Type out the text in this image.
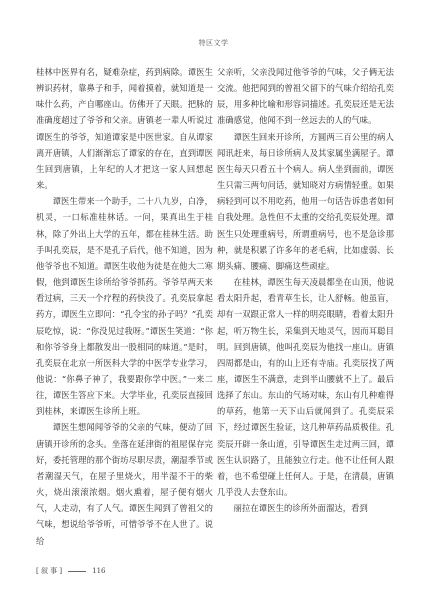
特区文学

桂林中医界有名，疑难杂症，药到病除。谭医生辨识药材，靠鼻子和手，闻着摸着，就知道是一味什么药，产自哪座山。仿佛开了天眼。把脉的准确度超过了爷爷和父亲。唐镇老一辈人听说过谭医生的爷爷，知道谭家是中医世家。自从谭家离开唐镇，人们渐渐忘了谭家的存在，直到谭医生回到唐镇，上年纪的人才把这一家人回想起来。

谭医生带来一个助手，二十八九岁，白净，机灵，一口标准桂林话。一问，果真出生于桂林，除了外出上大学的五年，都在桂林生活。助手叫孔奕辰，是不是孔子后代，他不知道，因为他爷爷也不知道。谭医生收他为徒是在他大二寒假，他到谭医生诊所给爷爷抓药。爷爷早两天来看过病，三天一个疗程的药快没了。孔奕辰拿起药方，谭医生立即问：“孔令宝的孙子吗？”孔奕辰吃惊，说：“你没见过我呀。”谭医生笑道：“你和你爷爷身上都散发出一股相同的味道。”是时，孔奕辰在北京一所医科大学的中医学专业学习，他说：“你鼻子神了，我要跟你学中医。”一来二往，谭医生答应下来。大学毕业，孔奕辰直接回到桂林，来谭医生诊所上班。

谭医生想闻闻爷爷的父亲的气味，便动了回唐镇开诊所的念头。坐落在延津街的祖屋保存完好，委托管理的那个街坊尽职尽责，潮湿季节或者潮湿天气，在屋子里烧火，用半湿不干的柴火，烧出滚滚浓烟。烟火熏着，屋子便有烟火气，人走动，有了人气。谭医生闻到了曾祖父的气味，想说给爷爷听，可惜爷爷不在人世了。说给

父亲听，父亲没闻过他爷爷的气味，父子俩无法交流。他把闻到的曾祖父留下的气味介绍给孔奕辰，用多种比喻和形容词描述。孔奕辰还是无法准确感觉，他闻不到一丝远去的人的气味。

谭医生回来开诊所，方圆两三百公里的病人闻讯赶来，每日诊所病人及其家属坐满屋子。谭医生每天只看五十个病人。病人坐到面前，谭医生只需三两句问话，就知晓对方病情轻重。如果病轻到可以不用吃药，他用一句话告诉患者如何自我处理。急性但不太重的交给孔奕辰处理。谭医生只处理重病号，所谓重病号，也不是急诊那种，就是积累了许多年的老毛病，比如虚弱、长期头痛、腰痛、脚痛这些顽症。

在桂林，谭医生每天凌晨都坐在山顶，他说看太阳升起，看青草生长，让人舒畅。他虽盲，却有一双跟正常人一样的明亮眼睛，看着太阳升起，听万物生长，采集到天地灵气，因而耳聪目明。回到唐镇，他叫孔奕辰为他找一座山。唐镇四周都是山，有的山上还有寺庙。孔奕辰找了两座，谭医生不满意，走到半山腰就不上了。最后选择了东山。东山的气场对味，东山有几种难得的草药，他第一天下山后就闻到了。孔奕辰采下，经过谭医生验证，这几种草药品质极佳。孔奕辰开辟一条山道，引导谭医生走过两三回，谭医生认识路了，且能独立行走。他不让任何人跟着，也不希望碰上任何人。于是，在清晨，唐镇几乎没人去登东山。

丽拉在谭医生的诊所外面溜达，看到

[ 叙 事 ]	116
